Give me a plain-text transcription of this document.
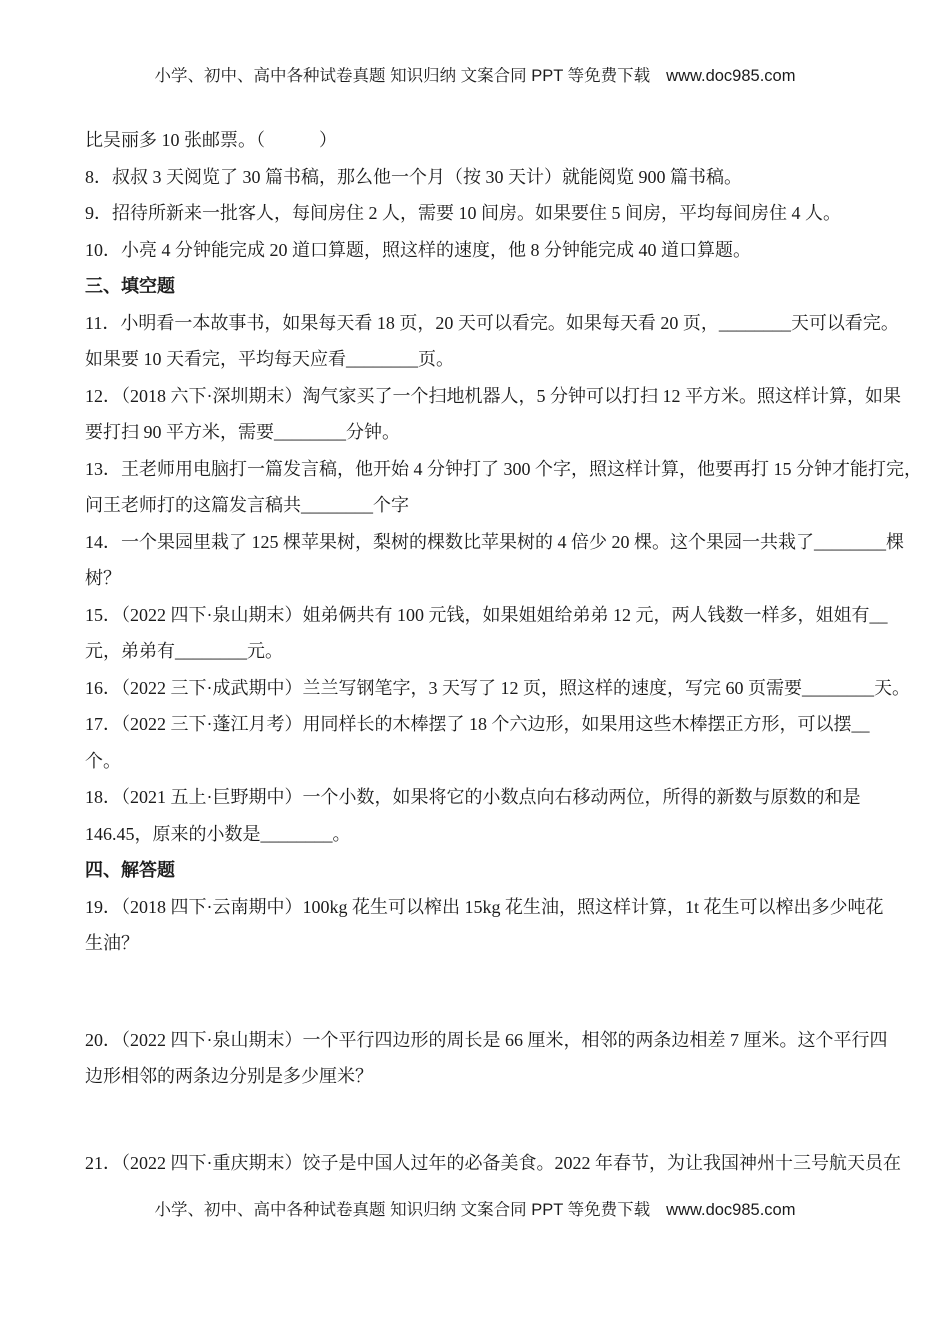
小学、初中、高中各种试卷真题 知识归纳 文案合同 PPT 等免费下载 www.doc985.com
比吴丽多 10 张邮票。（　　　）
8．叔叔 3 天阅览了 30 篇书稿，那么他一个月（按 30 天计）就能阅览 900 篇书稿。
9．招待所新来一批客人，每间房住 2 人，需要 10 间房。如果要住 5 间房，平均每间房住 4 人。
10．小亮 4 分钟能完成 20 道口算题，照这样的速度，他 8 分钟能完成 40 道口算题。
三、填空题
11．小明看一本故事书，如果每天看 18 页，20 天可以看完。如果每天看 20 页，________天可以看完。
如果要 10 天看完，平均每天应看________页。
12．（2018 六下·深圳期末）淘气家买了一个扫地机器人，5 分钟可以打扫 12 平方米。照这样计算，如果
要打扫 90 平方米，需要________分钟。
13．王老师用电脑打一篇发言稿，他开始 4 分钟打了 300 个字，照这样计算，他要再打 15 分钟才能打完，
问王老师打的这篇发言稿共________个字
14．一个果园里栽了 125 棵苹果树，梨树的棵数比苹果树的 4 倍少 20 棵。这个果园一共栽了________棵
树？
15．（2022 四下·泉山期末）姐弟俩共有 100 元钱，如果姐姐给弟弟 12 元，两人钱数一样多，姐姐有__
元，弟弟有________元。
16．（2022 三下·成武期中）兰兰写钢笔字，3 天写了 12 页，照这样的速度，写完 60 页需要________天。
17．（2022 三下·蓬江月考）用同样长的木棒摆了 18 个六边形，如果用这些木棒摆正方形，可以摆__
个。
18．（2021 五上·巨野期中）一个小数，如果将它的小数点向右移动两位，所得的新数与原数的和是
146.45，原来的小数是________。
四、解答题
19．（2018 四下·云南期中）100kg 花生可以榨出 15kg 花生油，照这样计算，1t 花生可以榨出多少吨花
生油？
20．（2022 四下·泉山期末）一个平行四边形的周长是 66 厘米，相邻的两条边相差 7 厘米。这个平行四
边形相邻的两条边分别是多少厘米？
21．（2022 四下·重庆期末）饺子是中国人过年的必备美食。2022 年春节，为让我国神州十三号航天员在
小学、初中、高中各种试卷真题 知识归纳 文案合同 PPT 等免费下载 www.doc985.com
